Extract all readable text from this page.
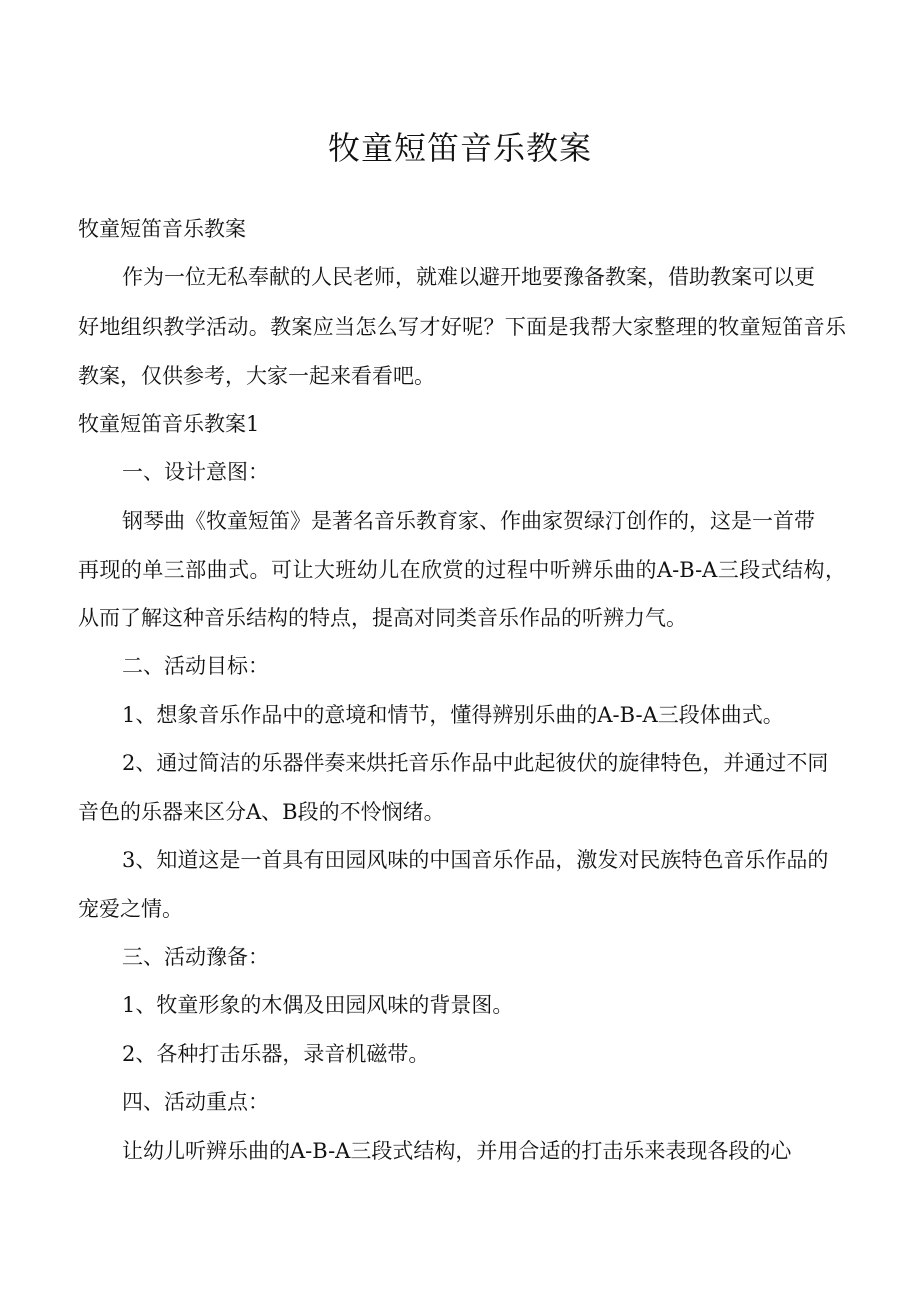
牧童短笛音乐教案
牧童短笛音乐教案
作为一位无私奉献的人民老师，就难以避开地要豫备教案，借助教案可以更
好地组织教学活动。教案应当怎么写才好呢？下面是我帮大家整理的牧童短笛音乐
教案，仅供参考，大家一起来看看吧。
牧童短笛音乐教案1
一、设计意图：
钢琴曲《牧童短笛》是著名音乐教育家、作曲家贺绿汀创作的，这是一首带
再现的单三部曲式。可让大班幼儿在欣赏的过程中听辨乐曲的A-B-A三段式结构，
从而了解这种音乐结构的特点，提高对同类音乐作品的听辨力气。
二、活动目标：
1、想象音乐作品中的意境和情节，懂得辨别乐曲的A-B-A三段体曲式。
2、通过简洁的乐器伴奏来烘托音乐作品中此起彼伏的旋律特色，并通过不同
音色的乐器来区分A、B段的不怜悯绪。
3、知道这是一首具有田园风味的中国音乐作品，激发对民族特色音乐作品的
宠爱之情。
三、活动豫备：
1、牧童形象的木偶及田园风味的背景图。
2、各种打击乐器，录音机磁带。
四、活动重点：
让幼儿听辨乐曲的A-B-A三段式结构，并用合适的打击乐来表现各段的心
